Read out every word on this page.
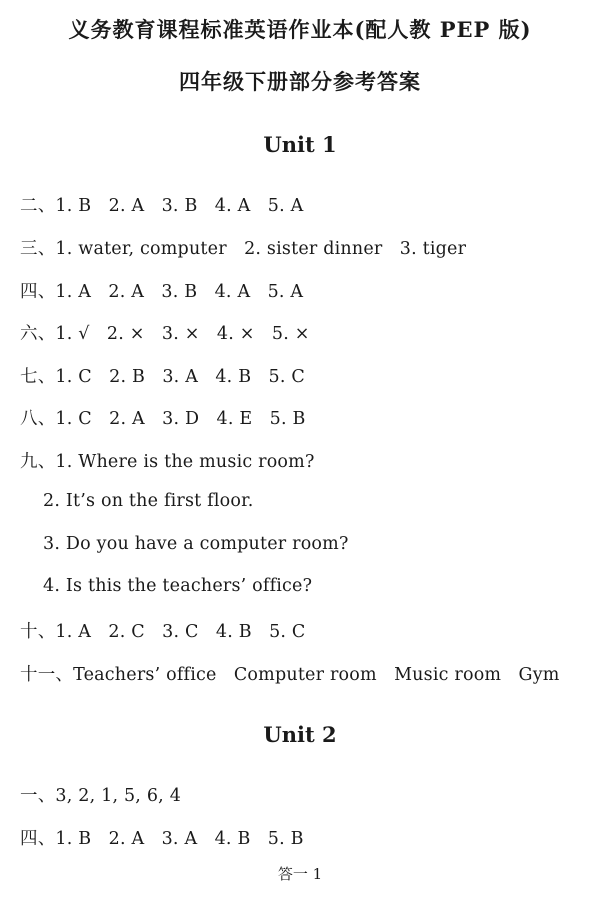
义务教育课程标准英语作业本(配人教 PEP 版)
四年级下册部分参考答案
Unit 1
二、1. B   2. A   3. B   4. A   5. A
三、1. water, computer   2. sister dinner   3. tiger
四、1. A   2. A   3. B   4. A   5. A
六、1. √   2. ×   3. ×   4. ×   5. ×
七、1. C   2. B   3. A   4. B   5. C
八、1. C   2. A   3. D   4. E   5. B
九、1. Where is the music room?
2. It’s on the first floor.
3. Do you have a computer room?
4. Is this the teachers’ office?
十、1. A   2. C   3. C   4. B   5. C
十一、Teachers’ office   Computer room   Music room   Gym
Unit 2
一、3, 2, 1, 5, 6, 4
四、1. B   2. A   3. A   4. B   5. B
答一 1
